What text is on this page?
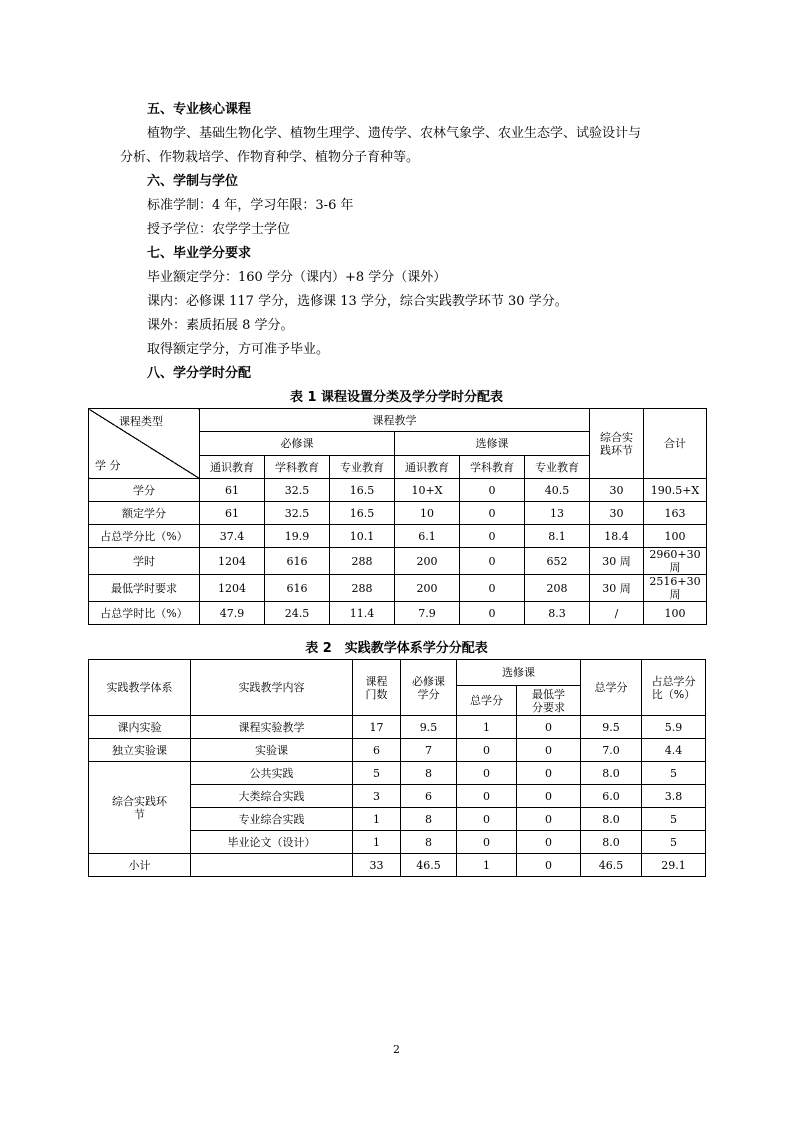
五、专业核心课程
植物学、基础生物化学、植物生理学、遗传学、农林气象学、农业生态学、试验设计与
分析、作物栽培学、作物育种学、植物分子育种等。
六、学制与学位
标准学制：4 年，学习年限：3-6 年
授予学位：农学学士学位
七、毕业学分要求
毕业额定学分：160 学分（课内）+8 学分（课外）
课内：必修课 117 学分，选修课 13 学分，综合实践教学环节 30 学分。
课外：素质拓展 8 学分。
取得额定学分，方可准予毕业。
八、学分学时分配
表 1 课程设置分类及学分学时分配表
课程类型
学 分	课程教学						综合实践环节	合计
	必修课			选修课				
	通识教育	学科教育	专业教育	通识教育	学科教育	专业教育		
学分	61	32.5	16.5	10+X	0	40.5	30	190.5+X
额定学分	61	32.5	16.5	10	0	13	30	163
占总学分比（%）	37.4	19.9	10.1	6.1	0	8.1	18.4	100
学时	1204	616	288	200	0	652	30 周	2960+30 周
最低学时要求	1204	616	288	200	0	208	30 周	2516+30 周
占总学时比（%）	47.9	24.5	11.4	7.9	0	8.3	/	100
表 2　实践教学体系学分分配表
实践教学体系	实践教学内容	课程门数	必修课学分	选修课		总学分	占总学分比（%）
				总学分	最低学分要求		
课内实验	课程实验教学	17	9.5	1	0	9.5	5.9
独立实验课	实验课	6	7	0	0	7.0	4.4
综合实践环节	公共实践	5	8	0	0	8.0	5
	大类综合实践	3	6	0	0	6.0	3.8
	专业综合实践	1	8	0	0	8.0	5
	毕业论文（设计）	1	8	0	0	8.0	5
小计		33	46.5	1	0	46.5	29.1
2
